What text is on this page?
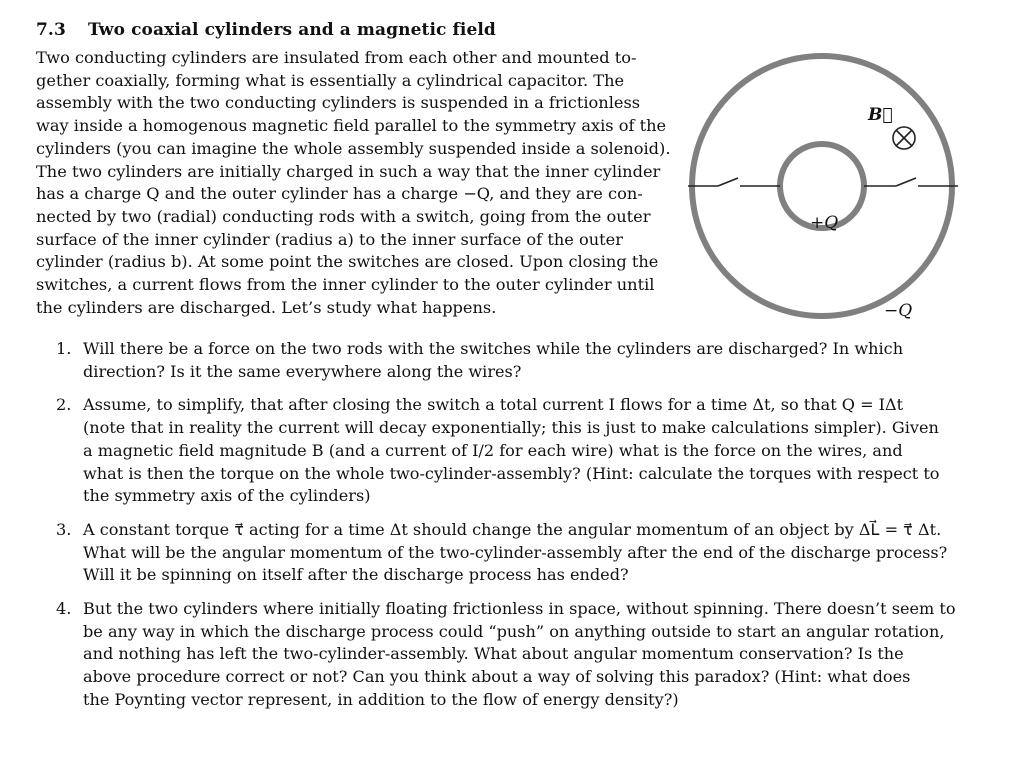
7.3 Two coaxial cylinders and a magnetic field
Two conducting cylinders are insulated from each other and mounted to-
gether coaxially, forming what is essentially a cylindrical capacitor. The
assembly with the two conducting cylinders is suspended in a frictionless
way inside a homogenous magnetic field parallel to the symmetry axis of the
cylinders (you can imagine the whole assembly suspended inside a solenoid).
The two cylinders are initially charged in such a way that the inner cylinder
has a charge Q and the outer cylinder has a charge −Q, and they are con-
nected by two (radial) conducting rods with a switch, going from the outer
surface of the inner cylinder (radius a) to the inner surface of the outer
cylinder (radius b). At some point the switches are closed. Upon closing the
switches, a current flows from the inner cylinder to the outer cylinder until
the cylinders are discharged. Let’s study what happens.
B⃗
+Q
−Q
1. Will there be a force on the two rods with the switches while the cylinders are discharged? In which
direction? Is it the same everywhere along the wires?
2. Assume, to simplify, that after closing the switch a total current I flows for a time Δt, so that Q = IΔt
(note that in reality the current will decay exponentially; this is just to make calculations simpler). Given
a magnetic field magnitude B (and a current of I/2 for each wire) what is the force on the wires, and
what is then the torque on the whole two-cylinder-assembly? (Hint: calculate the torques with respect to
the symmetry axis of the cylinders)
3. A constant torque τ⃗ acting for a time Δt should change the angular momentum of an object by ΔL⃗ = τ⃗ Δt.
What will be the angular momentum of the two-cylinder-assembly after the end of the discharge process?
Will it be spinning on itself after the discharge process has ended?
4. But the two cylinders where initially floating frictionless in space, without spinning. There doesn’t seem to
be any way in which the discharge process could “push” on anything outside to start an angular rotation,
and nothing has left the two-cylinder-assembly. What about angular momentum conservation? Is the
above procedure correct or not? Can you think about a way of solving this paradox? (Hint: what does
the Poynting vector represent, in addition to the flow of energy density?)
